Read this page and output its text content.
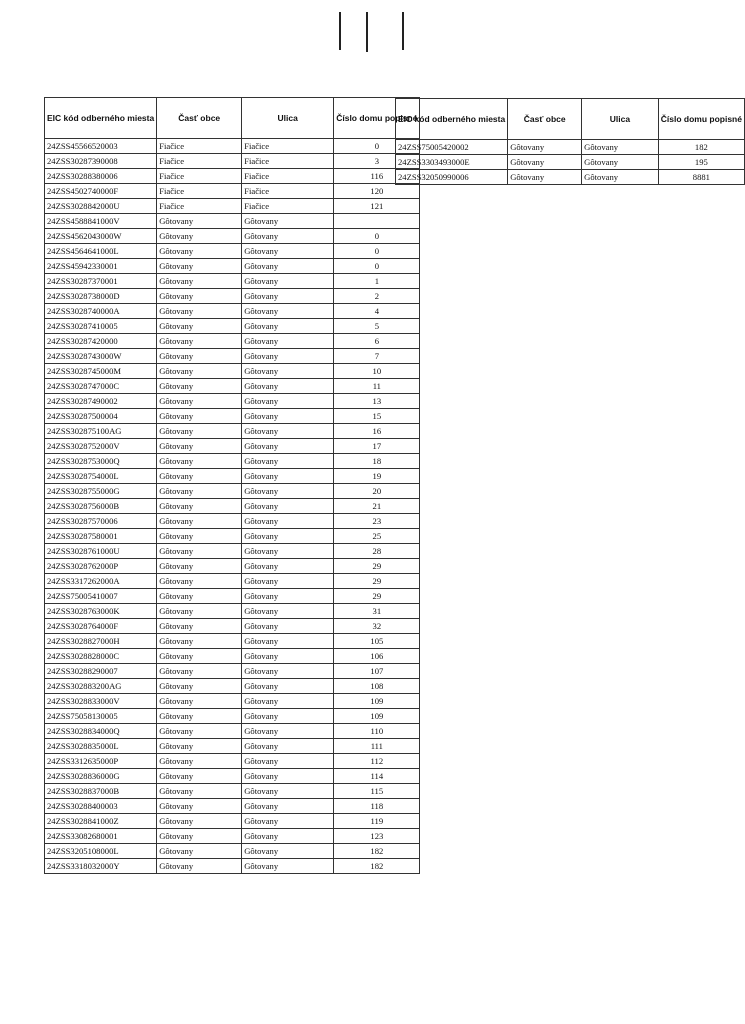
EIC kód odberného miesta	Časť obce	Ulica	Číslo domu popisné
24ZSS45566520003	Fiačice	Fiačice	0
24ZSS30287390008	Fiačice	Fiačice	3
24ZSS30288380006	Fiačice	Fiačice	116
24ZSS4502740000F	Fiačice	Fiačice	120
24ZSS3028842000U	Fiačice	Fiačice	121
24ZSS4588841000V	Gôtovany	Gôtovany	
24ZSS4562043000W	Gôtovany	Gôtovany	0
24ZSS4564641000L	Gôtovany	Gôtovany	0
24ZSS45942330001	Gôtovany	Gôtovany	0
24ZSS30287370001	Gôtovany	Gôtovany	1
24ZSS3028738000D	Gôtovany	Gôtovany	2
24ZSS3028740000A	Gôtovany	Gôtovany	4
24ZSS30287410005	Gôtovany	Gôtovany	5
24ZSS30287420000	Gôtovany	Gôtovany	6
24ZSS3028743000W	Gôtovany	Gôtovany	7
24ZSS3028745000M	Gôtovany	Gôtovany	10
24ZSS3028747000C	Gôtovany	Gôtovany	11
24ZSS30287490002	Gôtovany	Gôtovany	13
24ZSS30287500004	Gôtovany	Gôtovany	15
24ZSS302875100AG	Gôtovany	Gôtovany	16
24ZSS3028752000V	Gôtovany	Gôtovany	17
24ZSS3028753000Q	Gôtovany	Gôtovany	18
24ZSS3028754000L	Gôtovany	Gôtovany	19
24ZSS3028755000G	Gôtovany	Gôtovany	20
24ZSS3028756000B	Gôtovany	Gôtovany	21
24ZSS30287570006	Gôtovany	Gôtovany	23
24ZSS30287580001	Gôtovany	Gôtovany	25
24ZSS3028761000U	Gôtovany	Gôtovany	28
24ZSS3028762000P	Gôtovany	Gôtovany	29
24ZSS3317262000A	Gôtovany	Gôtovany	29
24ZSS75005410007	Gôtovany	Gôtovany	29
24ZSS3028763000K	Gôtovany	Gôtovany	31
24ZSS3028764000F	Gôtovany	Gôtovany	32
24ZSS3028827000H	Gôtovany	Gôtovany	105
24ZSS3028828000C	Gôtovany	Gôtovany	106
24ZSS30288290007	Gôtovany	Gôtovany	107
24ZSS302883200AG	Gôtovany	Gôtovany	108
24ZSS3028833000V	Gôtovany	Gôtovany	109
24ZSS75058130005	Gôtovany	Gôtovany	109
24ZSS3028834000Q	Gôtovany	Gôtovany	110
24ZSS3028835000L	Gôtovany	Gôtovany	111
24ZSS3312635000P	Gôtovany	Gôtovany	112
24ZSS3028836000G	Gôtovany	Gôtovany	114
24ZSS3028837000B	Gôtovany	Gôtovany	115
24ZSS30288400003	Gôtovany	Gôtovany	118
24ZSS3028841000Z	Gôtovany	Gôtovany	119
24ZSS33082680001	Gôtovany	Gôtovany	123
24ZSS3205108000L	Gôtovany	Gôtovany	182
24ZSS3318032000Y	Gôtovany	Gôtovany	182
EIC kód odberného miesta	Časť obce	Ulica	Číslo domu popisné
24ZSS75005420002	Gôtovany	Gôtovany	182
24ZSS3303493000E	Gôtovany	Gôtovany	195
24ZSS32050990006	Gôtovany	Gôtovany	8881
